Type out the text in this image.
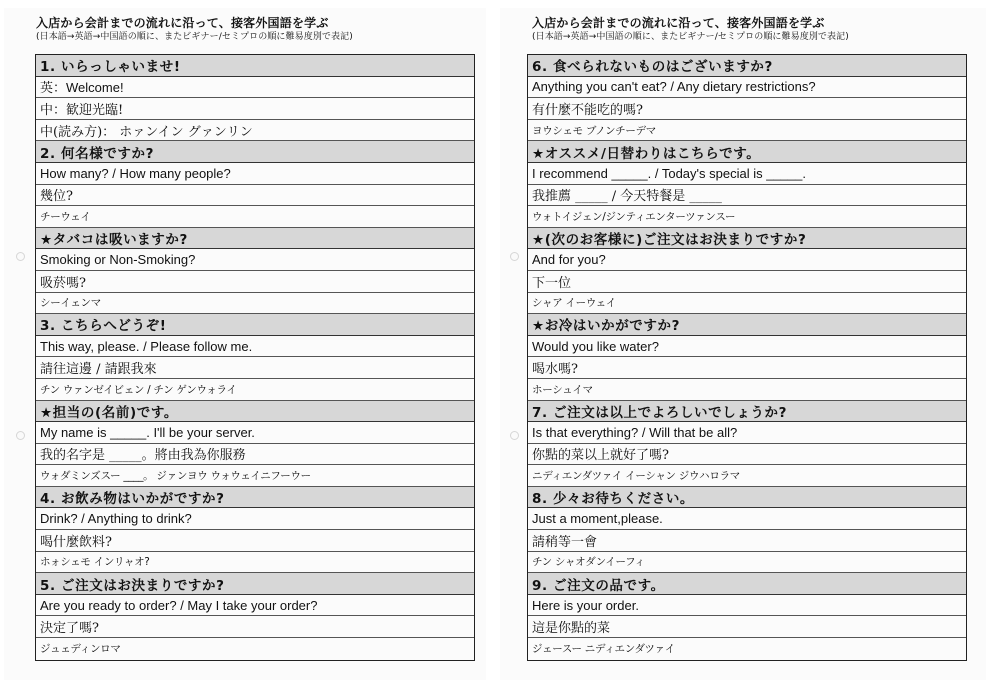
入店から会計までの流れに沿って、接客外国語を学ぶ
(日本語→英語→中国語の順に、またビギナー/セミプロの順に難易度別で表記)
1. いらっしゃいませ!
英：Welcome!
中：歓迎光臨!
中(読み方)： ホァンイン グァンリン
2. 何名様ですか?
How many? / How many people?
幾位?
チーウェイ
★タバコは吸いますか?
Smoking or Non-Smoking?
吸菸嗎?
シーイェンマ
3. こちらへどうぞ!
This way, please. / Please follow me.
請往這邊 / 請跟我來
チン ウァンゼイビェン / チン ゲンウォライ
★担当の(名前)です。
My name is _____. I'll be your server.
我的名字是 _____。將由我為你服務
ウォダミンズスー ____。 ジァンヨウ ウォウェイニフーウー
4. お飲み物はいかがですか?
Drink? / Anything to drink?
喝什麼飲料?
ホォシェモ インリャオ?
5. ご注文はお決まりですか?
Are you ready to order? / May I take your order?
決定了嗎?
ジュェディンロマ
入店から会計までの流れに沿って、接客外国語を学ぶ
(日本語→英語→中国語の順に、またビギナー/セミプロの順に難易度別で表記)
6. 食べられないものはございますか?
Anything you can't eat? / Any dietary restrictions?
有什麼不能吃的嗎?
ヨウシェモ ブノンチーデマ
★オススメ/日替わりはこちらです。
I recommend _____. / Today's special is _____.
我推薦 _____ / 今天特餐是 _____
ウォトイジェン/ジンティエンターツァンスー
★(次のお客様に)ご注文はお決まりですか?
And for you?
下一位
シャア イーウェイ
★お冷はいかがですか?
Would you like water?
喝水嗎?
ホーシュイマ
7. ご注文は以上でよろしいでしょうか?
Is that everything? / Will that be all?
你點的菜以上就好了嗎?
ニディエンダツァイ イーシャン ジウハロラマ
8. 少々お待ちください。
Just a moment,please.
請稍等一會
チン シャオダンイーフィ
9. ご注文の品です。
Here is your order.
這是你點的菜
ジェースー ニディエンダツァイ
